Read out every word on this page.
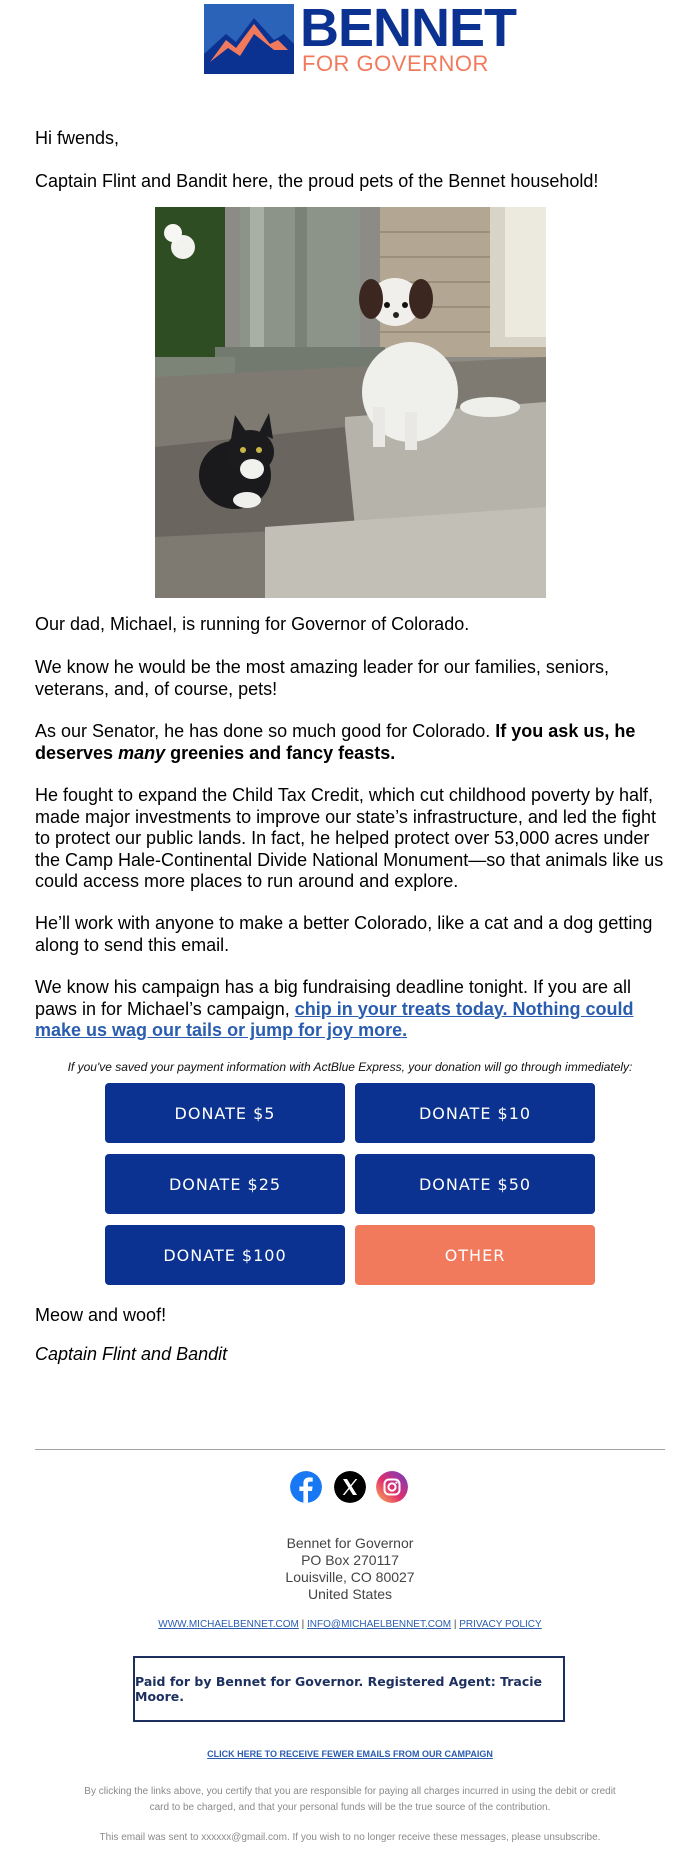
BENNET
FOR GOVERNOR

Hi fwends,

Captain Flint and Bandit here, the proud pets of the Bennet household!

Our dad, Michael, is running for Governor of Colorado.

We know he would be the most amazing leader for our families, seniors, veterans, and, of course, pets!

As our Senator, he has done so much good for Colorado. If you ask us, he deserves many greenies and fancy feasts.

He fought to expand the Child Tax Credit, which cut childhood poverty by half, made major investments to improve our state’s infrastructure, and led the fight to protect our public lands. In fact, he helped protect over 53,000 acres under the Camp Hale-Continental Divide National Monument—so that animals like us could access more places to run around and explore.

He’ll work with anyone to make a better Colorado, like a cat and a dog getting along to send this email.

We know his campaign has a big fundraising deadline tonight. If you are all paws in for Michael’s campaign, chip in your treats today. Nothing could make us wag our tails or jump for joy more.

If you've saved your payment information with ActBlue Express, your donation will go through immediately:
DONATE $5	DONATE $10
DONATE $25	DONATE $50
DONATE $100	OTHER
Meow and woof!
Captain Flint and Bandit
Bennet for Governor
PO Box 270117
Louisville, CO 80027
United States
WWW.MICHAELBENNET.COM | INFO@MICHAELBENNET.COM | PRIVACY POLICY
Paid for by Bennet for Governor. Registered Agent: Tracie Moore.
CLICK HERE TO RECEIVE FEWER EMAILS FROM OUR CAMPAIGN
By clicking the links above, you certify that you are responsible for paying all charges incurred in using the debit or credit card to be charged, and that your personal funds will be the true source of the contribution.
This email was sent to xxxxxx@gmail.com. If you wish to no longer receive these messages, please unsubscribe.
